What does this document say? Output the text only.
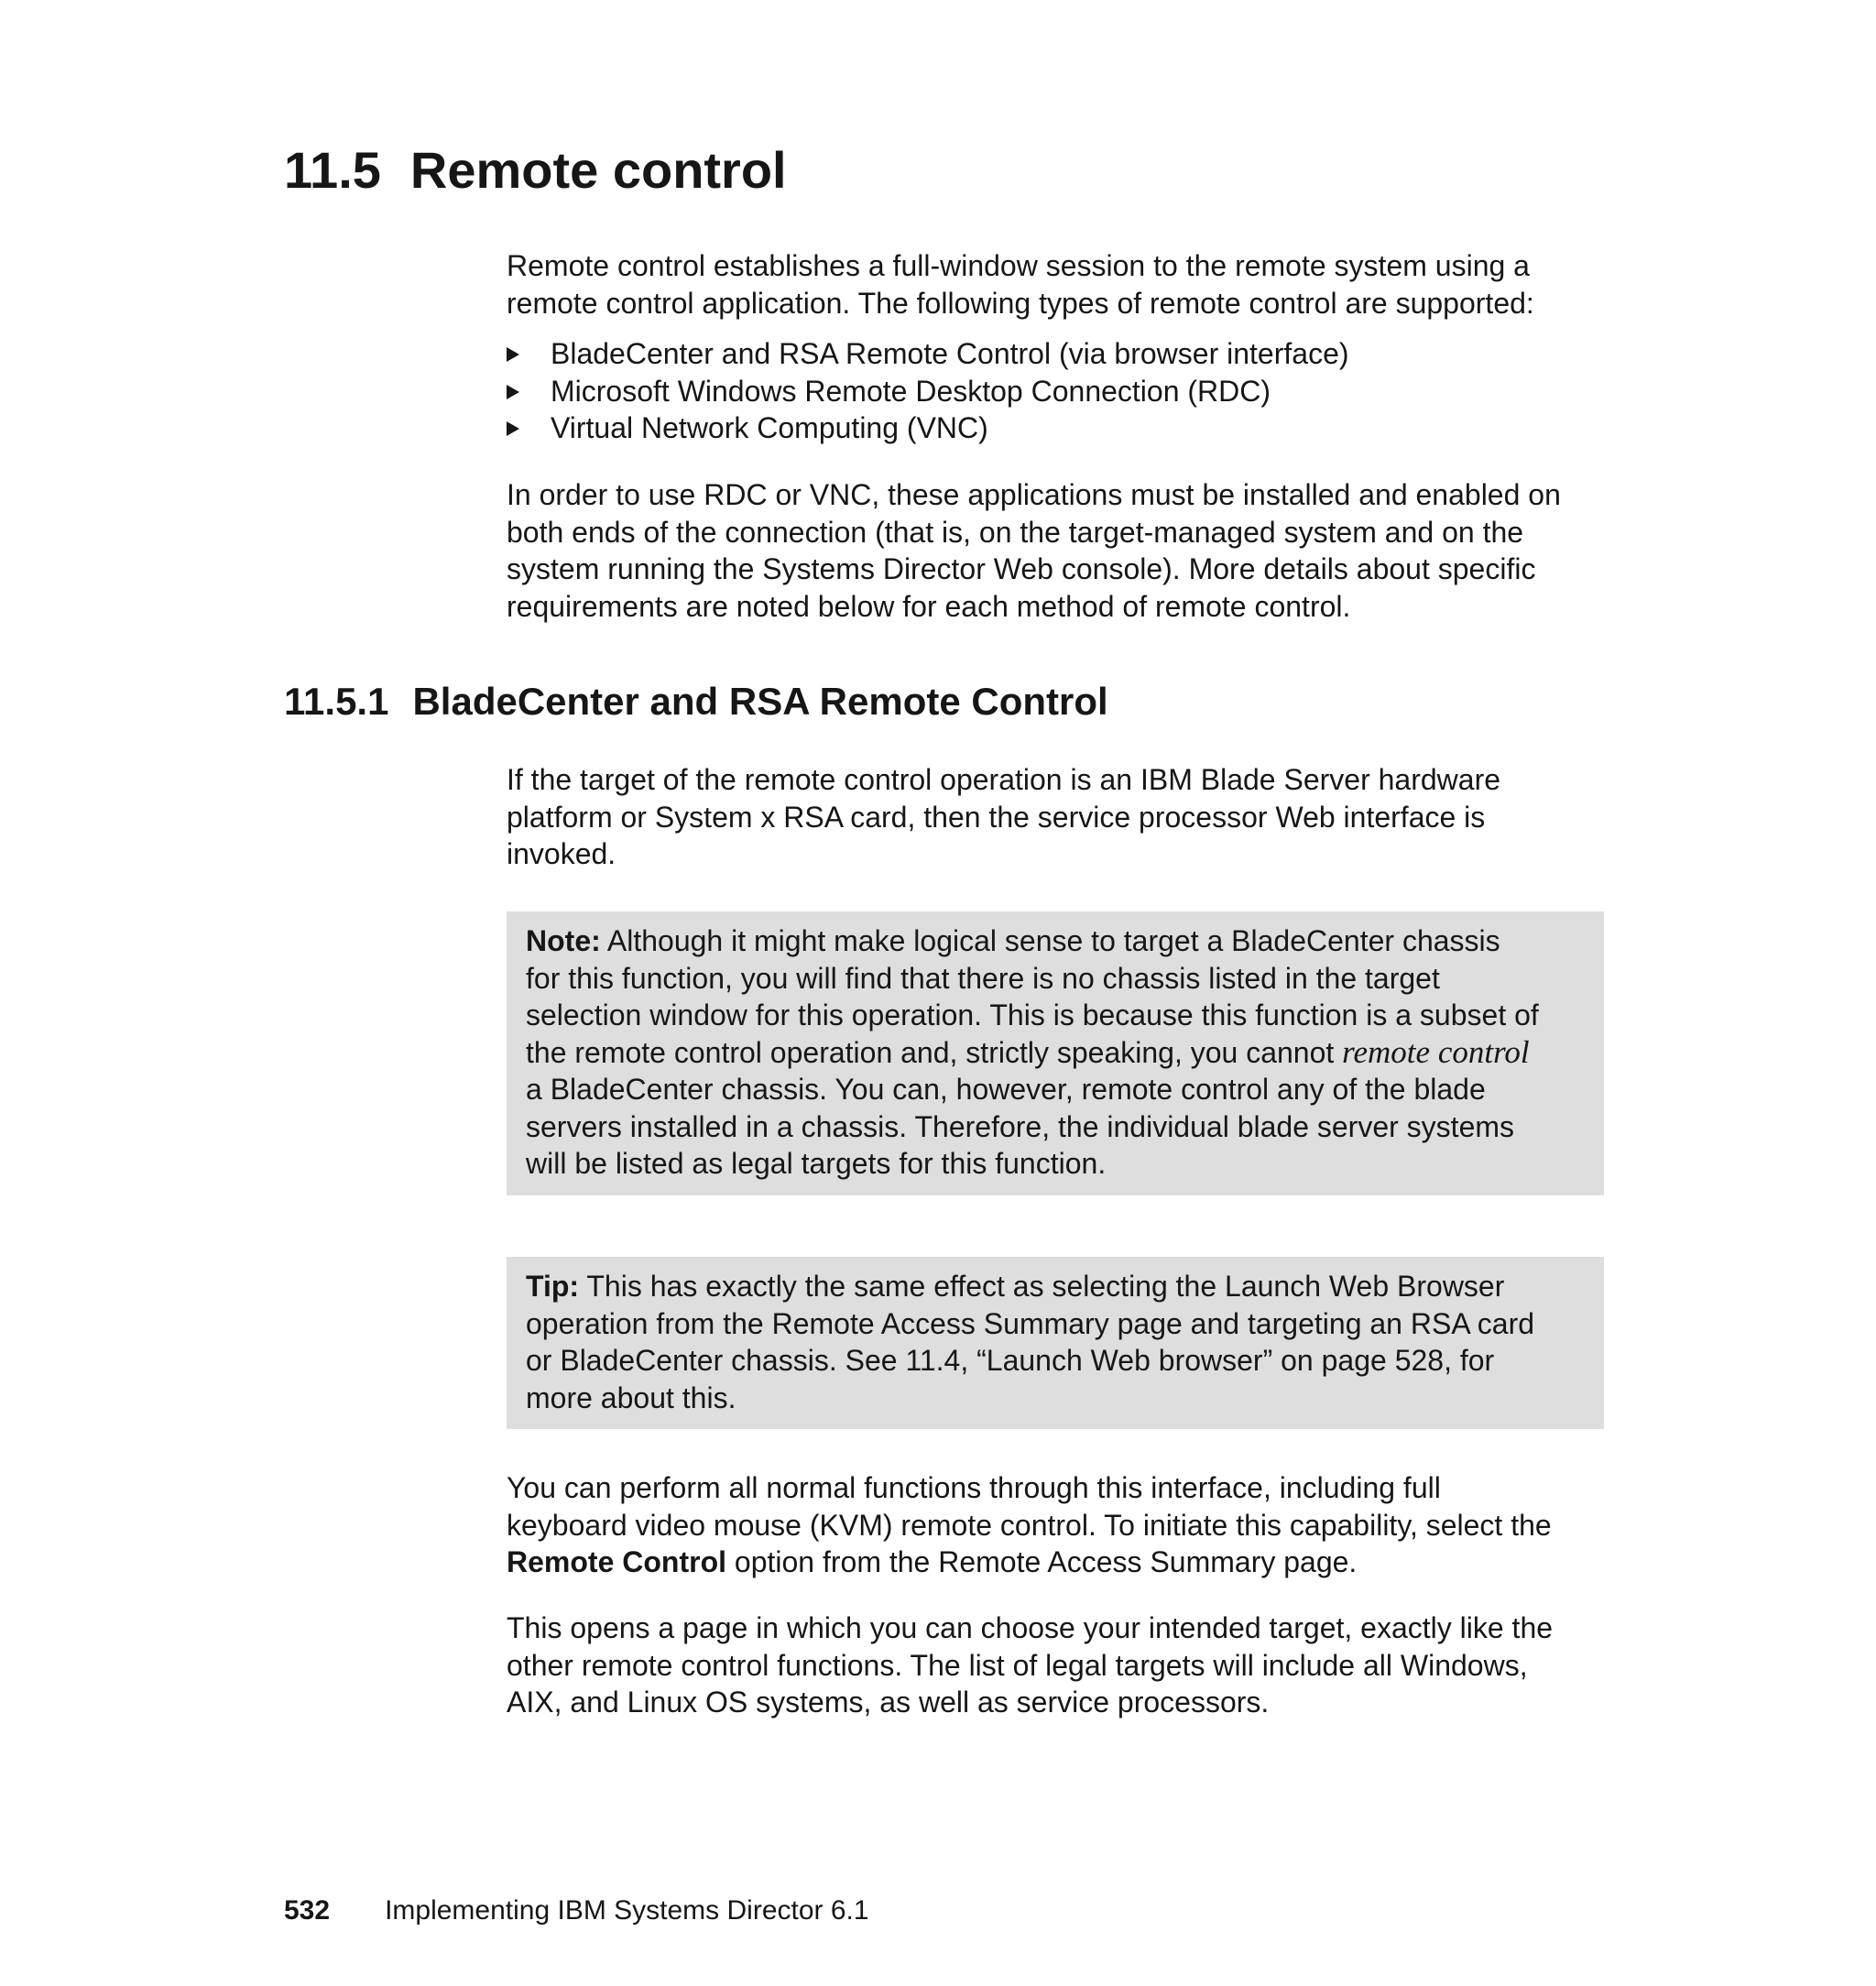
11.5 Remote control

Remote control establishes a full-window session to the remote system using a
remote control application. The following types of remote control are supported:

BladeCenter and RSA Remote Control (via browser interface)
Microsoft Windows Remote Desktop Connection (RDC)
Virtual Network Computing (VNC)

In order to use RDC or VNC, these applications must be installed and enabled on
both ends of the connection (that is, on the target-managed system and on the
system running the Systems Director Web console). More details about specific
requirements are noted below for each method of remote control.

11.5.1 BladeCenter and RSA Remote Control

If the target of the remote control operation is an IBM Blade Server hardware
platform or System x RSA card, then the service processor Web interface is
invoked.

Note: Although it might make logical sense to target a BladeCenter chassis
for this function, you will find that there is no chassis listed in the target
selection window for this operation. This is because this function is a subset of
the remote control operation and, strictly speaking, you cannot remote control
a BladeCenter chassis. You can, however, remote control any of the blade
servers installed in a chassis. Therefore, the individual blade server systems
will be listed as legal targets for this function.
Tip: This has exactly the same effect as selecting the Launch Web Browser
operation from the Remote Access Summary page and targeting an RSA card
or BladeCenter chassis. See 11.4, “Launch Web browser” on page 528, for
more about this.

You can perform all normal functions through this interface, including full
keyboard video mouse (KVM) remote control. To initiate this capability, select the
Remote Control option from the Remote Access Summary page.

This opens a page in which you can choose your intended target, exactly like the
other remote control functions. The list of legal targets will include all Windows,
AIX, and Linux OS systems, as well as service processors.

532 Implementing IBM Systems Director 6.1
